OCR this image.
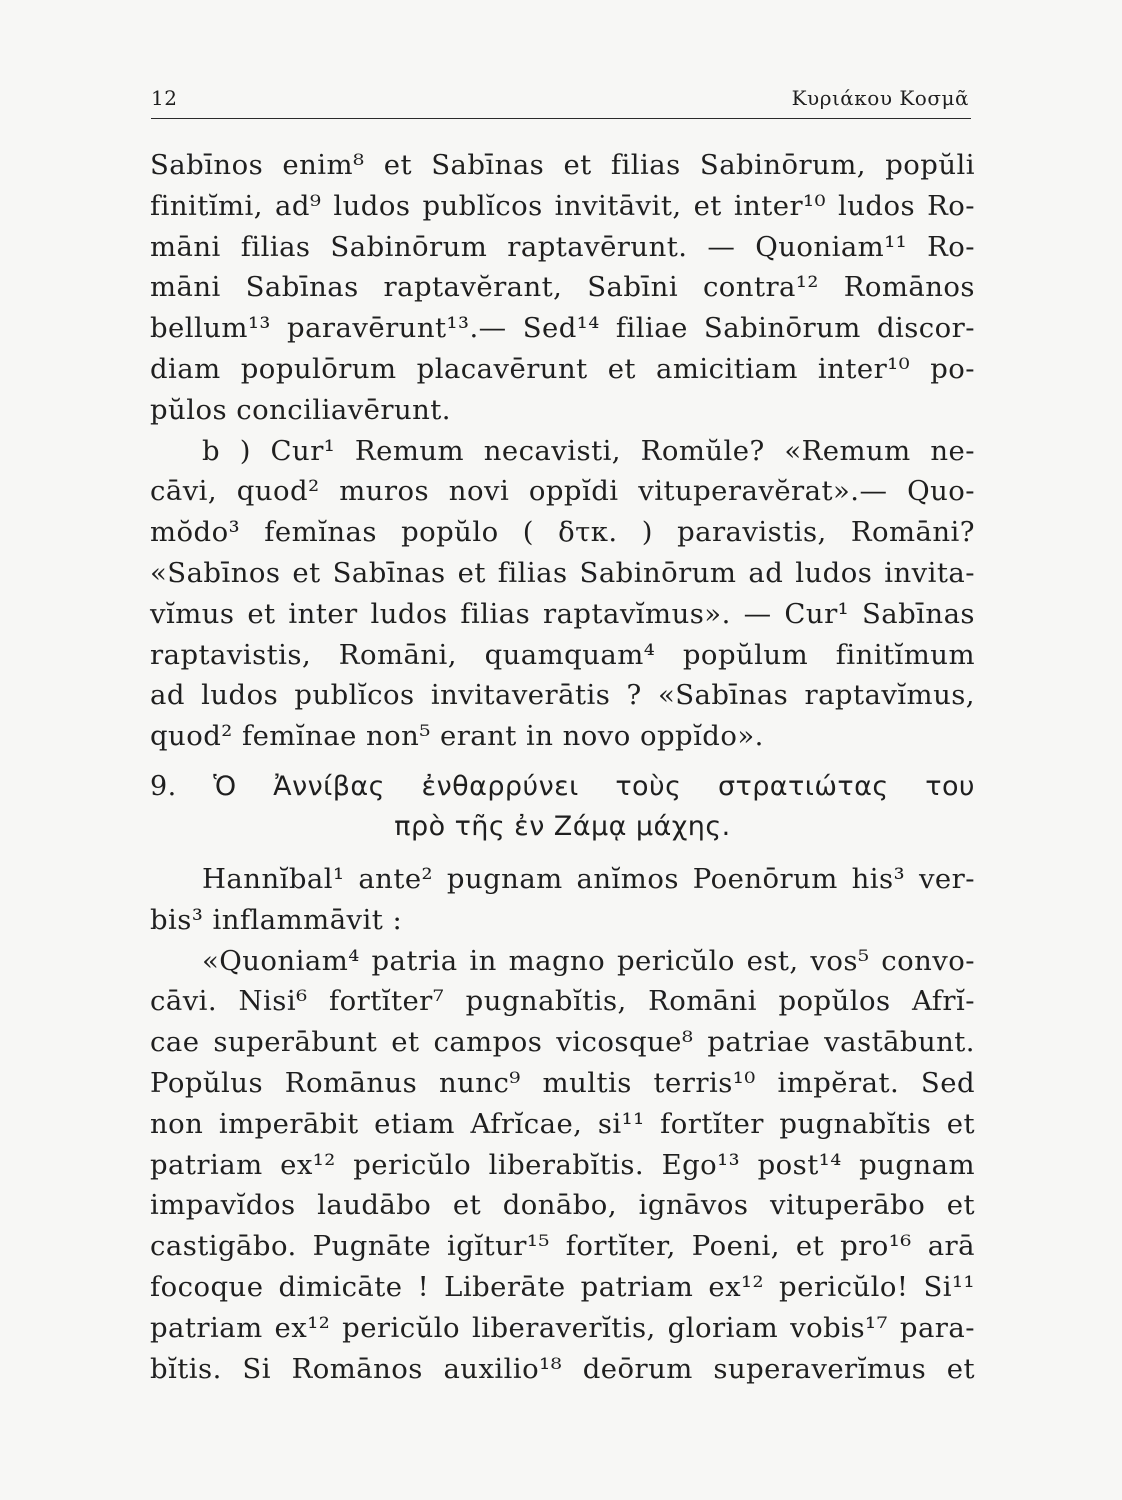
12	Κυριάκου Κοσμᾶ
Sabīnos enim⁸ et Sabīnas et filias Sabinōrum, popŭli
finitĭmi, ad⁹ ludos publĭcos invitāvit, et inter¹⁰ ludos Ro-
māni filias Sabinōrum raptavērunt. — Quoniam¹¹ Ro-
māni Sabīnas raptavĕrant, Sabīni contra¹² Romānos
bellum¹³ paravērunt¹³.— Sed¹⁴ filiae Sabinōrum discor-
diam populōrum placavērunt et amicitiam inter¹⁰ po-
pŭlos conciliavērunt.
b ) Cur¹ Remum necavisti, Romŭle? «Remum ne-
cāvi, quod² muros novi oppĭdi vituperavĕrat».— Quo-
mŏdo³ femĭnas popŭlo ( δτκ. ) paravistis, Romāni?
«Sabīnos et Sabīnas et filias Sabinōrum ad ludos invita-
vĭmus et inter ludos filias raptavĭmus». — Cur¹ Sabīnas
raptavistis, Romāni, quamquam⁴ popŭlum finitĭmum
ad ludos publĭcos invitaverātis ? «Sabīnas raptavĭmus,
quod² femĭnae non⁵ erant in novo oppĭdo».
9. Ὁ Ἀννίβας ἐνθαρρύνει τοὺς στρατιώτας του
πρὸ τῆς ἐν Ζάμᾳ μάχης.
Hannĭbal¹ ante² pugnam anĭmos Poenōrum his³ ver-
bis³ inflammāvit :
«Quoniam⁴ patria in magno pericŭlo est, vos⁵ convo-
cāvi. Nisi⁶ fortĭter⁷ pugnabĭtis, Romāni popŭlos Afrĭ-
cae superābunt et campos vicosque⁸ patriae vastābunt.
Popŭlus Romānus nunc⁹ multis terris¹⁰ impĕrat. Sed
non imperābit etiam Afrĭcae, si¹¹ fortĭter pugnabĭtis et
patriam ex¹² pericŭlo liberabĭtis. Ego¹³ post¹⁴ pugnam
impavĭdos laudābo et donābo, ignāvos vituperābo et
castigābo. Pugnāte igĭtur¹⁵ fortĭter, Poeni, et pro¹⁶ arā
focoque dimicāte ! Liberāte patriam ex¹² pericŭlo! Si¹¹
patriam ex¹² pericŭlo liberaverĭtis, gloriam vobis¹⁷ para-
bĭtis. Si Romānos auxilio¹⁸ deōrum superaverĭmus et
